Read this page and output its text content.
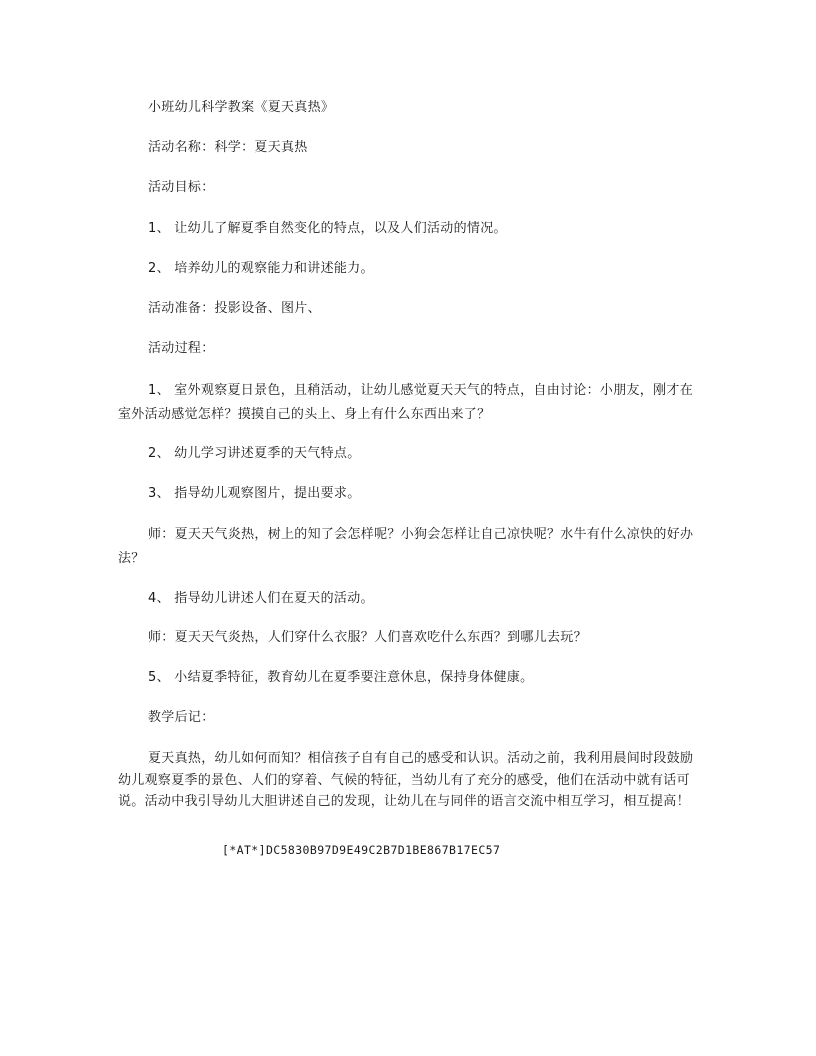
小班幼儿科学教案《夏天真热》

活动名称：科学：夏天真热

活动目标：

1、 让幼儿了解夏季自然变化的特点，以及人们活动的情况。

2、 培养幼儿的观察能力和讲述能力。

活动准备：投影设备、图片、

活动过程：

1、 室外观察夏日景色，且稍活动，让幼儿感觉夏天天气的特点，自由讨论：小朋友，刚才在室外活动感觉怎样？摸摸自己的头上、身上有什么东西出来了？

2、 幼儿学习讲述夏季的天气特点。

3、 指导幼儿观察图片，提出要求。

师：夏天天气炎热，树上的知了会怎样呢？小狗会怎样让自己凉快呢？水牛有什么凉快的好办法？

4、 指导幼儿讲述人们在夏天的活动。

师：夏天天气炎热，人们穿什么衣服？人们喜欢吃什么东西？到哪儿去玩？

5、 小结夏季特征，教育幼儿在夏季要注意休息，保持身体健康。

教学后记：

夏天真热，幼儿如何而知？相信孩子自有自己的感受和认识。活动之前，我利用晨间时段鼓励幼儿观察夏季的景色、人们的穿着、气候的特征，当幼儿有了充分的感受，他们在活动中就有话可说。活动中我引导幼儿大胆讲述自己的发现，让幼儿在与同伴的语言交流中相互学习，相互提高！

[*AT*]DC5830B97D9E49C2B7D1BE867B17EC57
